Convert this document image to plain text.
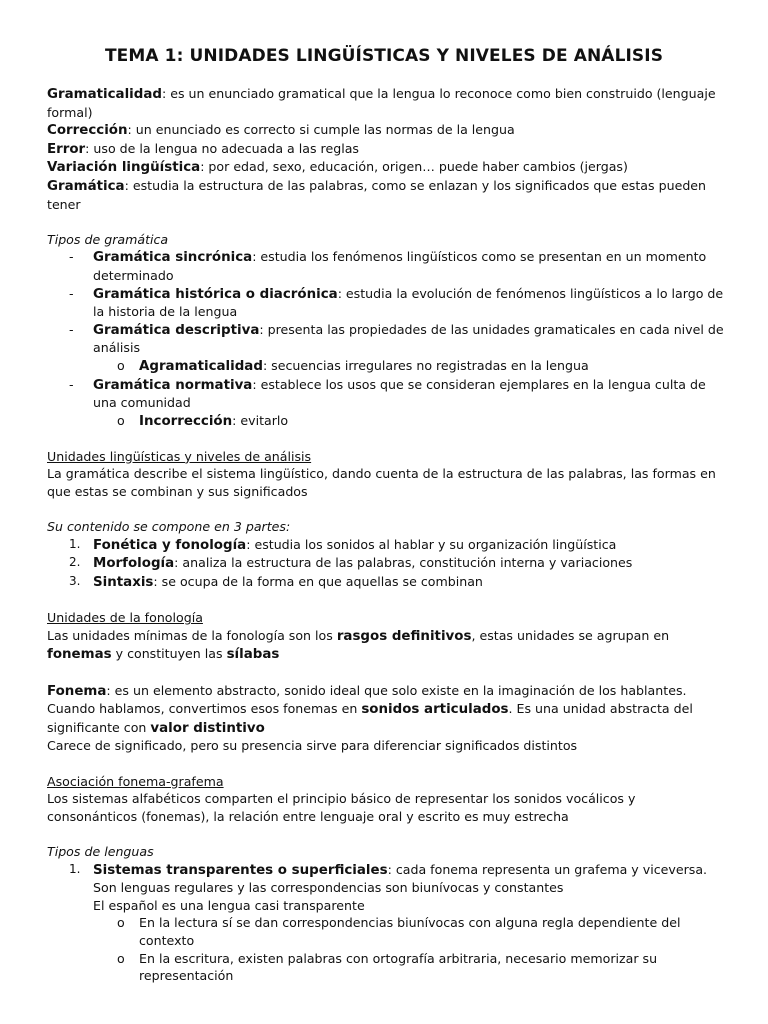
TEMA 1: UNIDADES LINGÜÍSTICAS Y NIVELES DE ANÁLISIS

Gramaticalidad: es un enunciado gramatical que la lengua lo reconoce como bien construido (lenguaje formal)

Corrección: un enunciado es correcto si cumple las normas de la lengua

Error: uso de la lengua no adecuada a las reglas

Variación lingüística: por edad, sexo, educación, origen… puede haber cambios (jergas)

Gramática: estudia la estructura de las palabras, como se enlazan y los significados que estas pueden tener

Tipos de gramática

- Gramática sincrónica: estudia los fenómenos lingüísticos como se presentan en un momento determinado
- Gramática histórica o diacrónica: estudia la evolución de fenómenos lingüísticos a lo largo de la historia de la lengua
- Gramática descriptiva: presenta las propiedades de las unidades gramaticales en cada nivel de análisis
o Agramaticalidad: secuencias irregulares no registradas en la lengua
- Gramática normativa: establece los usos que se consideran ejemplares en la lengua culta de una comunidad
o Incorrección: evitarlo

Unidades lingüísticas y niveles de análisis

La gramática describe el sistema lingüístico, dando cuenta de la estructura de las palabras, las formas en que estas se combinan y sus significados

Su contenido se compone en 3 partes:

1. Fonética y fonología: estudia los sonidos al hablar y su organización lingüística
2. Morfología: analiza la estructura de las palabras, constitución interna y variaciones
3. Sintaxis: se ocupa de la forma en que aquellas se combinan

Unidades de la fonología

Las unidades mínimas de la fonología son los rasgos definitivos, estas unidades se agrupan en fonemas y constituyen las sílabas

Fonema: es un elemento abstracto, sonido ideal que solo existe en la imaginación de los hablantes. Cuando hablamos, convertimos esos fonemas en sonidos articulados. Es una unidad abstracta del significante con valor distintivo

Carece de significado, pero su presencia sirve para diferenciar significados distintos

Asociación fonema-grafema

Los sistemas alfabéticos comparten el principio básico de representar los sonidos vocálicos y consonánticos (fonemas), la relación entre lenguaje oral y escrito es muy estrecha

Tipos de lenguas

1. Sistemas transparentes o superficiales: cada fonema representa un grafema y viceversa. Son lenguas regulares y las correspondencias son biunívocas y constantes

El español es una lengua casi transparente

o En la lectura sí se dan correspondencias biunívocas con alguna regla dependiente del contexto
o En la escritura, existen palabras con ortografía arbitraria, necesario memorizar su representación
